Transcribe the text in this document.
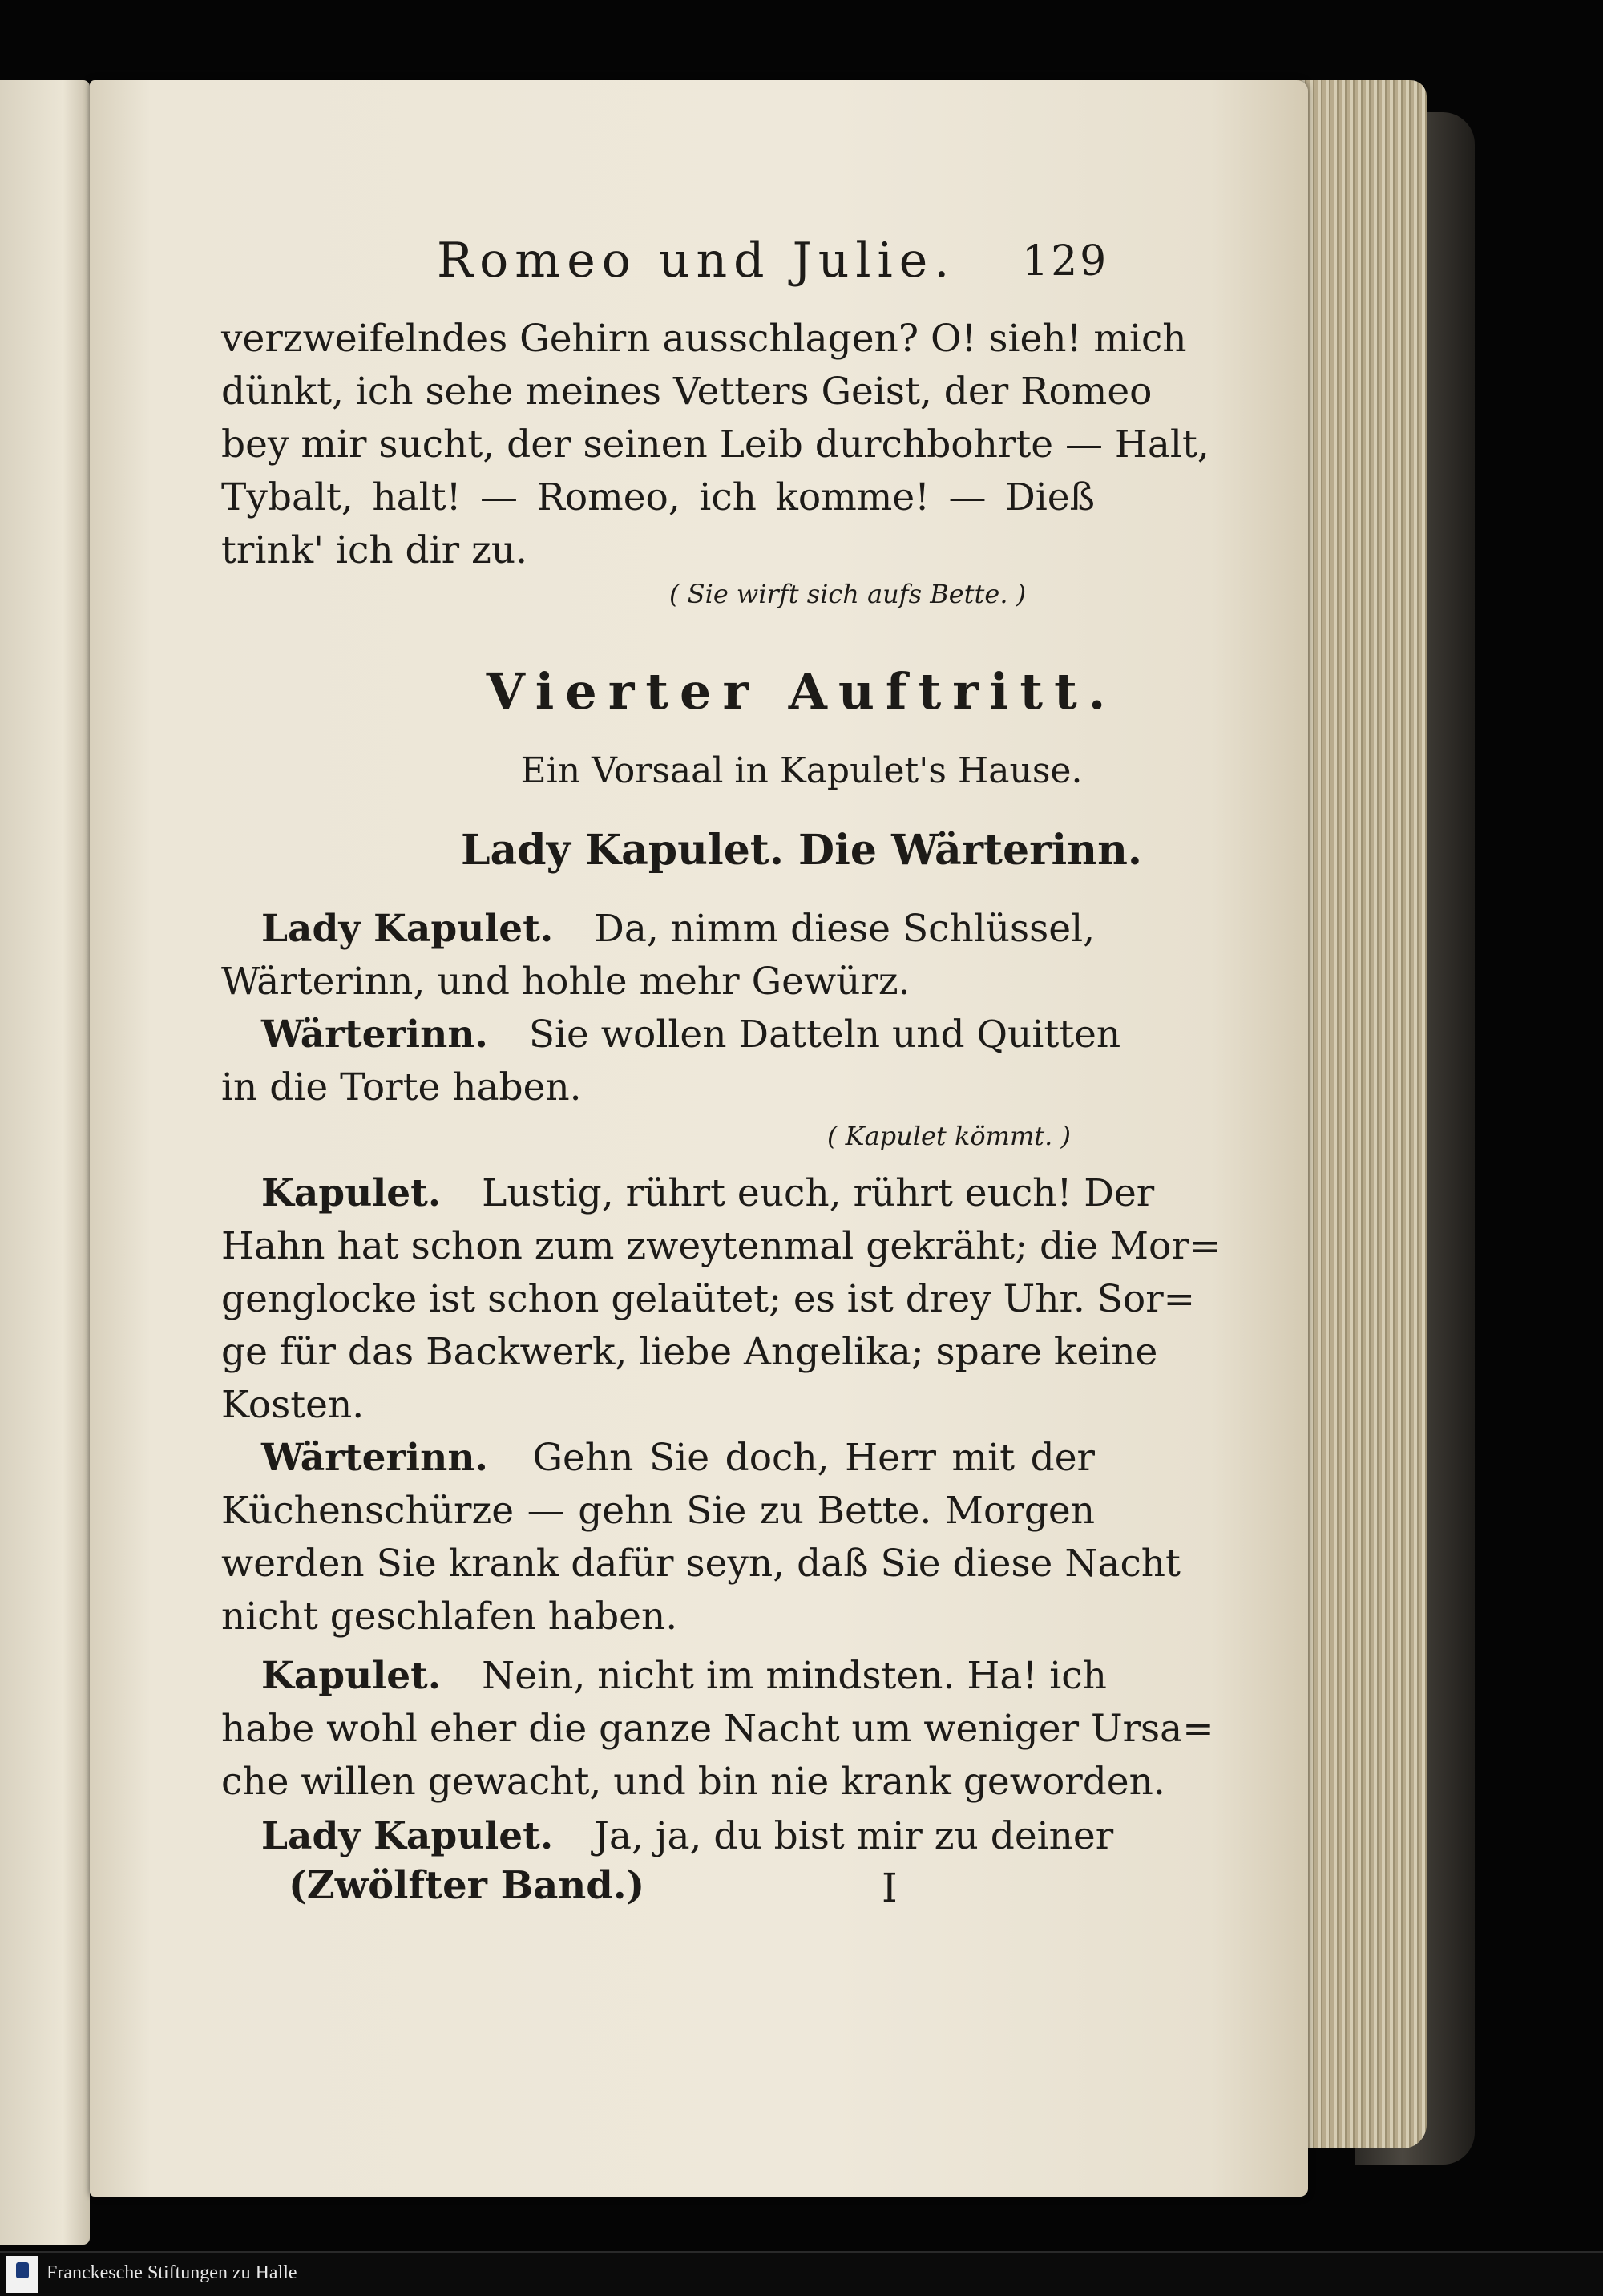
Romeo und Julie. 129
verzweifelndes Gehirn ausschlagen? O! sieh! mich
dünkt, ich sehe meines Vetters Geist, der Romeo
bey mir sucht, der seinen Leib durchbohrte — Halt,
Tybalt, halt! — Romeo, ich komme! — Dieß
trink' ich dir zu.
( Sie wirft sich aufs Bette. )
Vierter Auftritt.
Ein Vorsaal in Kapulet's Hause.
Lady Kapulet. Die Wärterinn.
Lady Kapulet. Da, nimm diese Schlüssel,
Wärterinn, und hohle mehr Gewürz.
Wärterinn. Sie wollen Datteln und Quitten
in die Torte haben.
( Kapulet kömmt. )
Kapulet. Lustig, rührt euch, rührt euch! Der
Hahn hat schon zum zweytenmal gekräht; die Mor=
genglocke ist schon gelaütet; es ist drey Uhr. Sor=
ge für das Backwerk, liebe Angelika; spare keine
Kosten.
Wärterinn. Gehn Sie doch, Herr mit der
Küchenschürze — gehn Sie zu Bette. Morgen
werden Sie krank dafür seyn, daß Sie diese Nacht
nicht geschlafen haben.
Kapulet. Nein, nicht im mindsten. Ha! ich
habe wohl eher die ganze Nacht um weniger Ursa=
che willen gewacht, und bin nie krank geworden.
Lady Kapulet. Ja, ja, du bist mir zu deiner
(Zwölfter Band.)	I
Franckesche Stiftungen zu Halle
